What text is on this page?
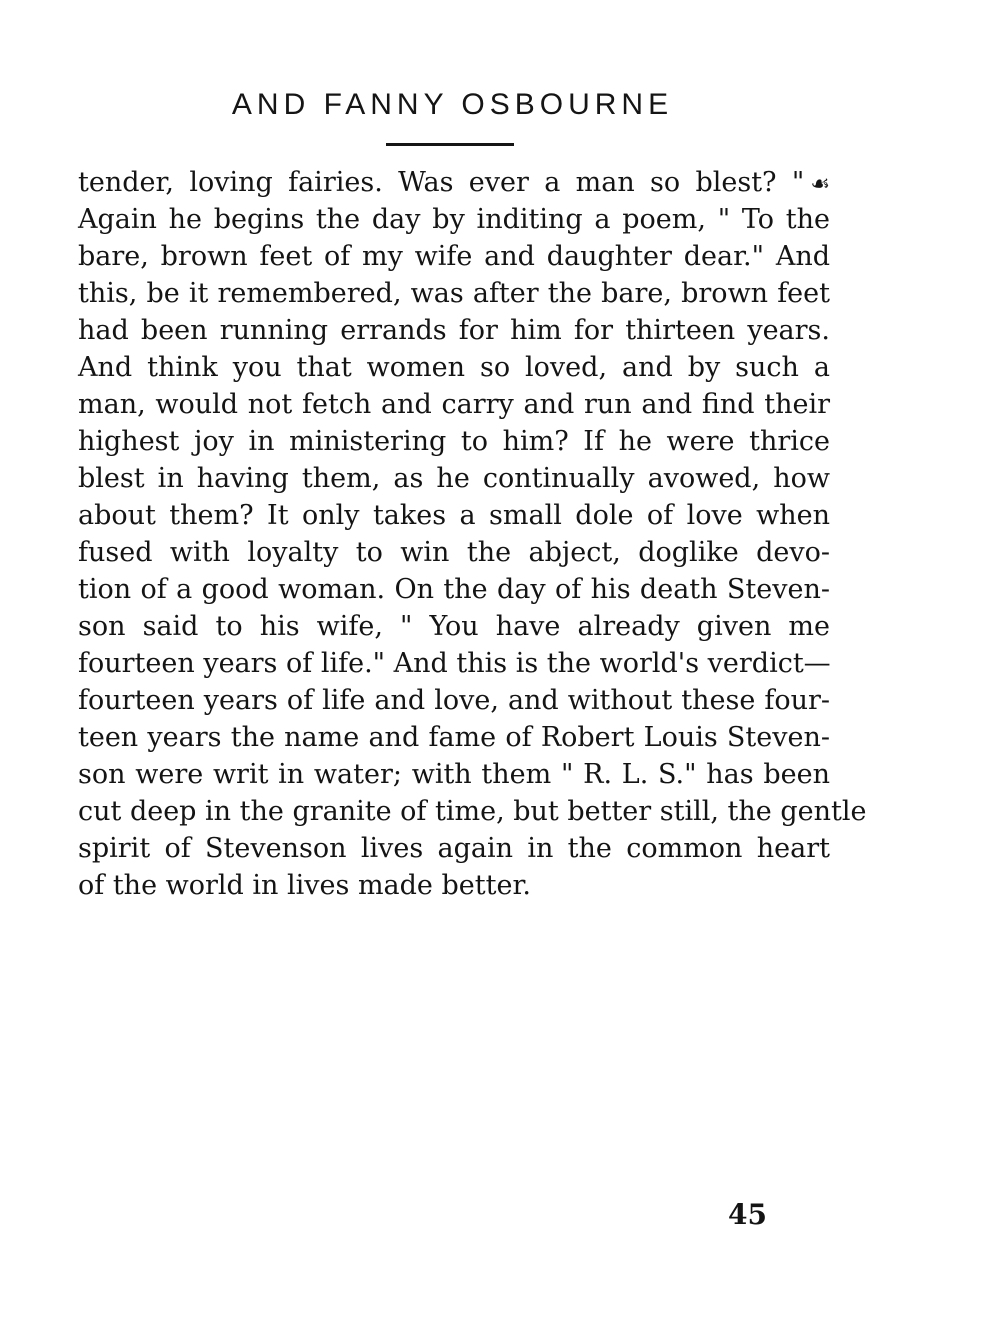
AND FANNY OSBOURNE
tender, loving fairies. Was ever a man so blest? " ☙
Again he begins the day by inditing a poem, " To the
bare, brown feet of my wife and daughter dear." And
this, be it remembered, was after the bare, brown feet
had been running errands for him for thirteen years.
And think you that women so loved, and by such a
man, would not fetch and carry and run and find their
highest joy in ministering to him? If he were thrice
blest in having them, as he continually avowed, how
about them? It only takes a small dole of love when
fused with loyalty to win the abject, doglike devo-
tion of a good woman. On the day of his death Steven-
son said to his wife, " You have already given me
fourteen years of life." And this is the world's verdict—
fourteen years of life and love, and without these four-
teen years the name and fame of Robert Louis Steven-
son were writ in water; with them " R. L. S." has been
cut deep in the granite of time, but better still, the gentle
spirit of Stevenson lives again in the common heart
of the world in lives made better.
45
